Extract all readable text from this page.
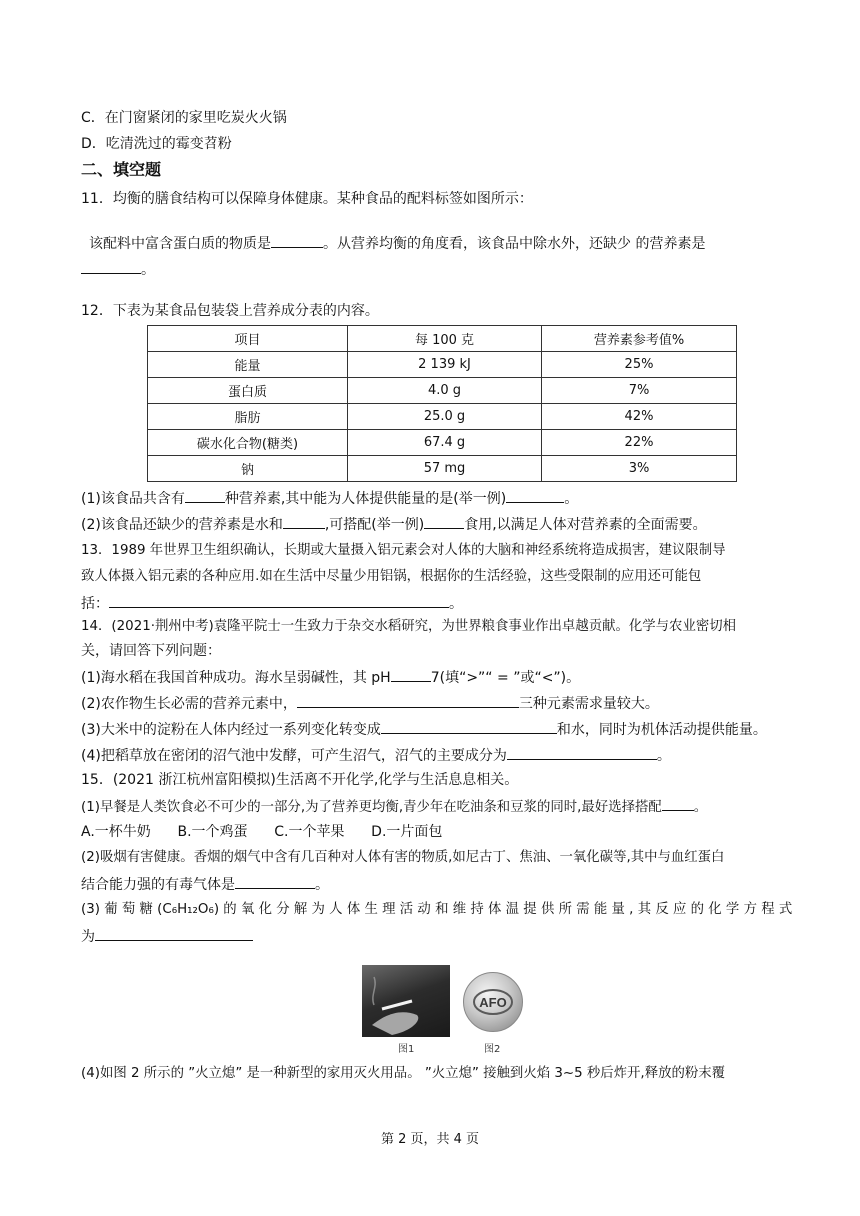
C．在门窗紧闭的家里吃炭火火锅
D．吃清洗过的霉变苕粉
二、填空题
11．均衡的膳食结构可以保障身体健康。某种食品的配料标签如图所示：
该配料中富含蛋白质的物质是	。从营养均衡的角度看，该食品中除水外，还缺少 的营养素是
。
12．下表为某食品包装袋上营养成分表的内容。
项目	每 100 克	营养素参考值%
能量	2 139 kJ	25%
蛋白质	4.0 g	7%
脂肪	25.0 g	42%
碳水化合物(糖类)	67.4 g	22%
钠	57 mg	3%
(1)该食品共含有	种营养素,其中能为人体提供能量的是(举一例)	。
(2)该食品还缺少的营养素是水和	,可搭配(举一例)	食用,以满足人体对营养素的全面需要。
13．1989 年世界卫生组织确认，长期或大量摄入铝元素会对人体的大脑和神经系统将造成损害，建议限制导
致人体摄入铝元素的各种应用.如在生活中尽量少用铝锅，根据你的生活经验，这些受限制的应用还可能包
括：	。
14．(2021·荆州中考)袁隆平院士一生致力于杂交水稻研究，为世界粮食事业作出卓越贡献。化学与农业密切相
关，请回答下列问题：
(1)海水稻在我国首种成功。海水呈弱碱性，其 pH	7(填“>”“ = ”或“<”)。
(2)农作物生长必需的营养元素中，	三种元素需求量较大。
(3)大米中的淀粉在人体内经过一系列变化转变成	和水，同时为机体活动提供能量。
(4)把稻草放在密闭的沼气池中发酵，可产生沼气，沼气的主要成分为	。
15．(2021 浙江杭州富阳模拟)生活离不开化学,化学与生活息息相关。
(1)早餐是人类饮食必不可少的一部分,为了营养更均衡,青少年在吃油条和豆浆的同时,最好选择搭配 。
A.一杯牛奶      B.一个鸡蛋      C.一个苹果      D.一片面包
(2)吸烟有害健康。香烟的烟气中含有几百种对人体有害的物质,如尼古丁、焦油、一氧化碳等,其中与血红蛋白
结合能力强的有毒气体是	。
(3) 葡 萄 糖 (C₆H₁₂O₆) 的 氧 化 分 解 为 人 体 生 理 活 动 和 维 持 体 温 提 供 所 需 能 量 , 其 反 应 的 化 学 方 程 式
为
AFO
图1	图2
(4)如图 2 所示的 ”火立熄” 是一种新型的家用灭火用品。 ”火立熄” 接触到火焰 3~5 秒后炸开,释放的粉末覆
第 2 页，共 4 页
